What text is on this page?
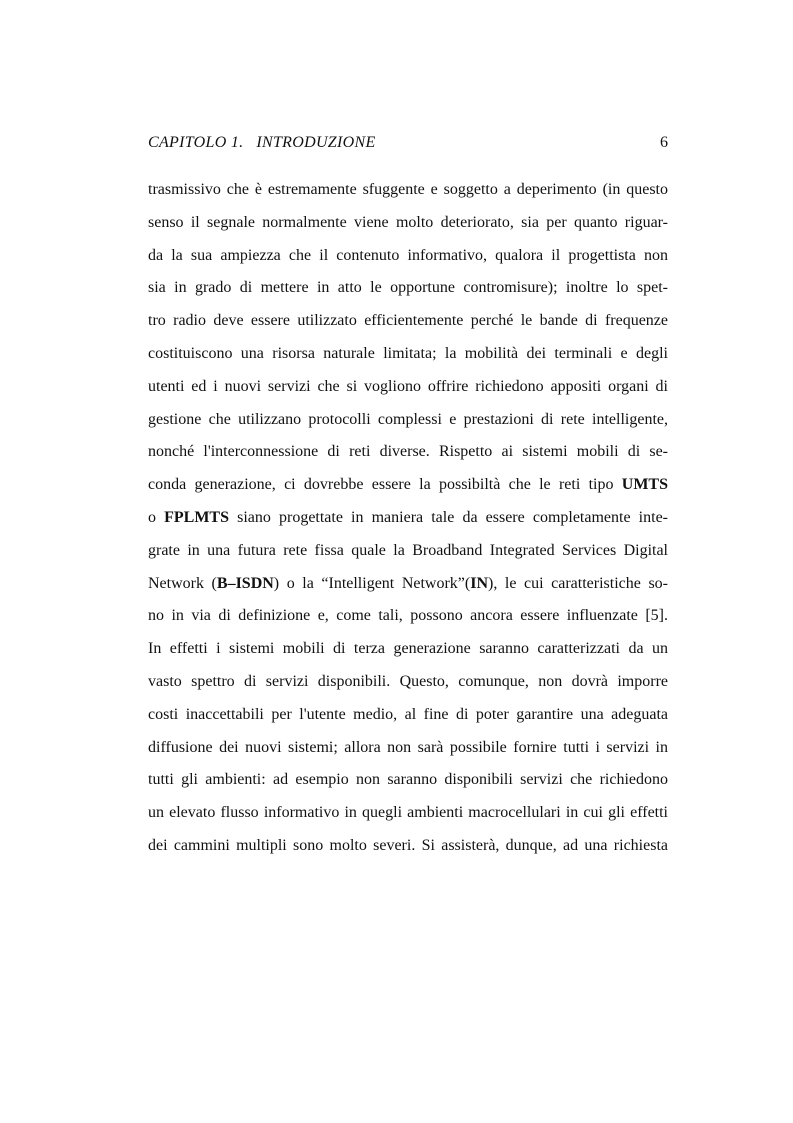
CAPITOLO 1.   INTRODUZIONE	6
trasmissivo che è estremamente sfuggente e soggetto a deperimento (in questo
senso il segnale normalmente viene molto deteriorato, sia per quanto riguar-
da la sua ampiezza che il contenuto informativo, qualora il progettista non
sia in grado di mettere in atto le opportune contromisure); inoltre lo spet-
tro radio deve essere utilizzato efficientemente perché le bande di frequenze
costituiscono una risorsa naturale limitata; la mobilità dei terminali e degli
utenti ed i nuovi servizi che si vogliono offrire richiedono appositi organi di
gestione che utilizzano protocolli complessi e prestazioni di rete intelligente,
nonché l'interconnessione di reti diverse. Rispetto ai sistemi mobili di se-
conda generazione, ci dovrebbe essere la possibiltà che le reti tipo UMTS
o FPLMTS siano progettate in maniera tale da essere completamente inte-
grate in una futura rete fissa quale la Broadband Integrated Services Digital
Network (B–ISDN) o la “Intelligent Network”(IN), le cui caratteristiche so-
no in via di definizione e, come tali, possono ancora essere influenzate [5].
In effetti i sistemi mobili di terza generazione saranno caratterizzati da un
vasto spettro di servizi disponibili. Questo, comunque, non dovrà imporre
costi inaccettabili per l'utente medio, al fine di poter garantire una adeguata
diffusione dei nuovi sistemi; allora non sarà possibile fornire tutti i servizi in
tutti gli ambienti: ad esempio non saranno disponibili servizi che richiedono
un elevato flusso informativo in quegli ambienti macrocellulari in cui gli effetti
dei cammini multipli sono molto severi. Si assisterà, dunque, ad una richiesta
